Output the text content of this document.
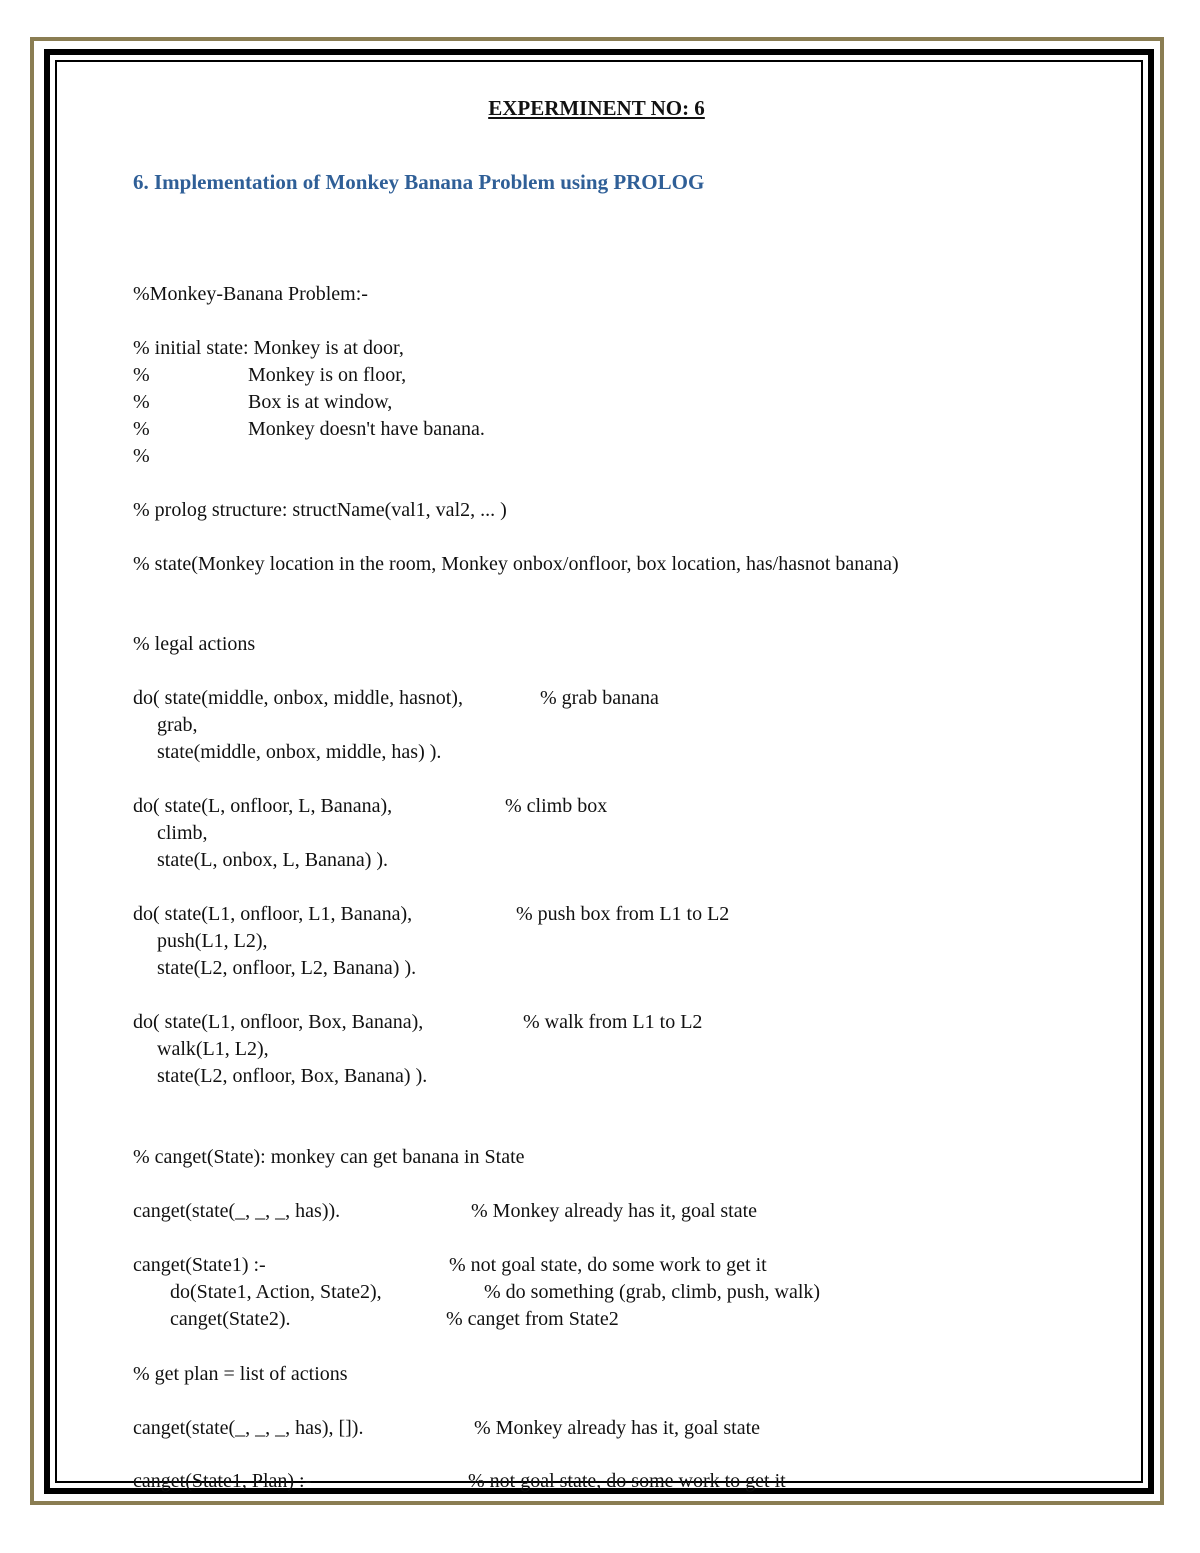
EXPERMINENT NO: 6
6. Implementation of Monkey Banana Problem using PROLOG
%Monkey-Banana Problem:-
% initial state: Monkey is at door,
%	Monkey is on floor,
%	Box is at window,
%	Monkey doesn't have banana.
%
% prolog structure: structName(val1, val2, ... )
% state(Monkey location in the room, Monkey onbox/onfloor, box location, has/hasnot banana)
% legal actions
do( state(middle, onbox, middle, hasnot),	% grab banana
grab,
state(middle, onbox, middle, has) ).
do( state(L, onfloor, L, Banana),	% climb box
climb,
state(L, onbox, L, Banana) ).
do( state(L1, onfloor, L1, Banana),	% push box from L1 to L2
push(L1, L2),
state(L2, onfloor, L2, Banana) ).
do( state(L1, onfloor, Box, Banana),	% walk from L1 to L2
walk(L1, L2),
state(L2, onfloor, Box, Banana) ).
% canget(State): monkey can get banana in State
canget(state(_, _, _, has)).	% Monkey already has it, goal state
canget(State1) :-	% not goal state, do some work to get it
do(State1, Action, State2),	% do something (grab, climb, push, walk)
canget(State2).	% canget from State2
% get plan = list of actions
canget(state(_, _, _, has), []).	% Monkey already has it, goal state
canget(State1, Plan) :-	% not goal state, do some work to get it
